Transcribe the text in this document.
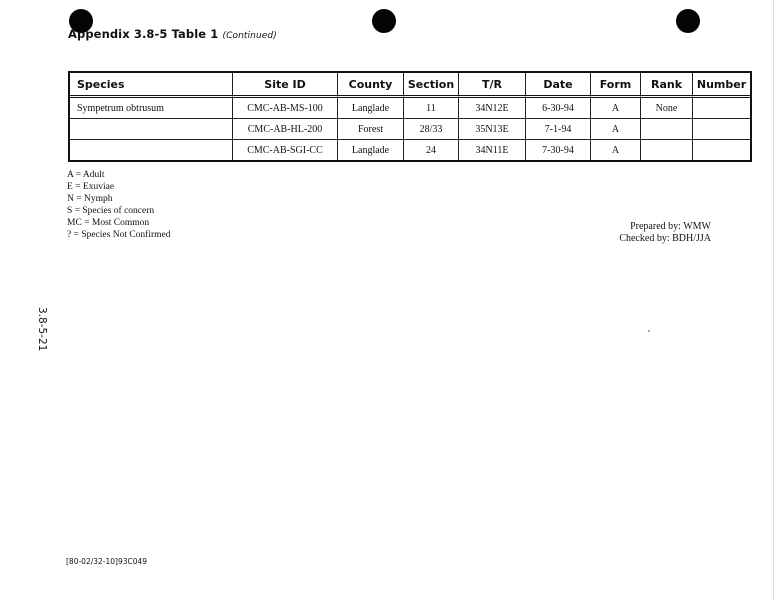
Appendix 3.8-5 Table 1 (Continued)
Species	Site ID	County	Section	T/R	Date	Form	Rank	Number
Sympetrum obtrusum	CMC-AB-MS-100	Langlade	11	34N12E	6-30-94	A	None	
	CMC-AB-HL-200	Forest	28/33	35N13E	7-1-94	A		
	CMC-AB-SGI-CC	Langlade	24	34N11E	7-30-94	A		
A = Adult
E = Exuviae
N = Nymph
S = Species of concern
MC = Most Common
? = Species Not Confirmed
Prepared by: WMW
Checked by: BDH/JJA
3.8-5-21
[80-02/32-10]93C049
